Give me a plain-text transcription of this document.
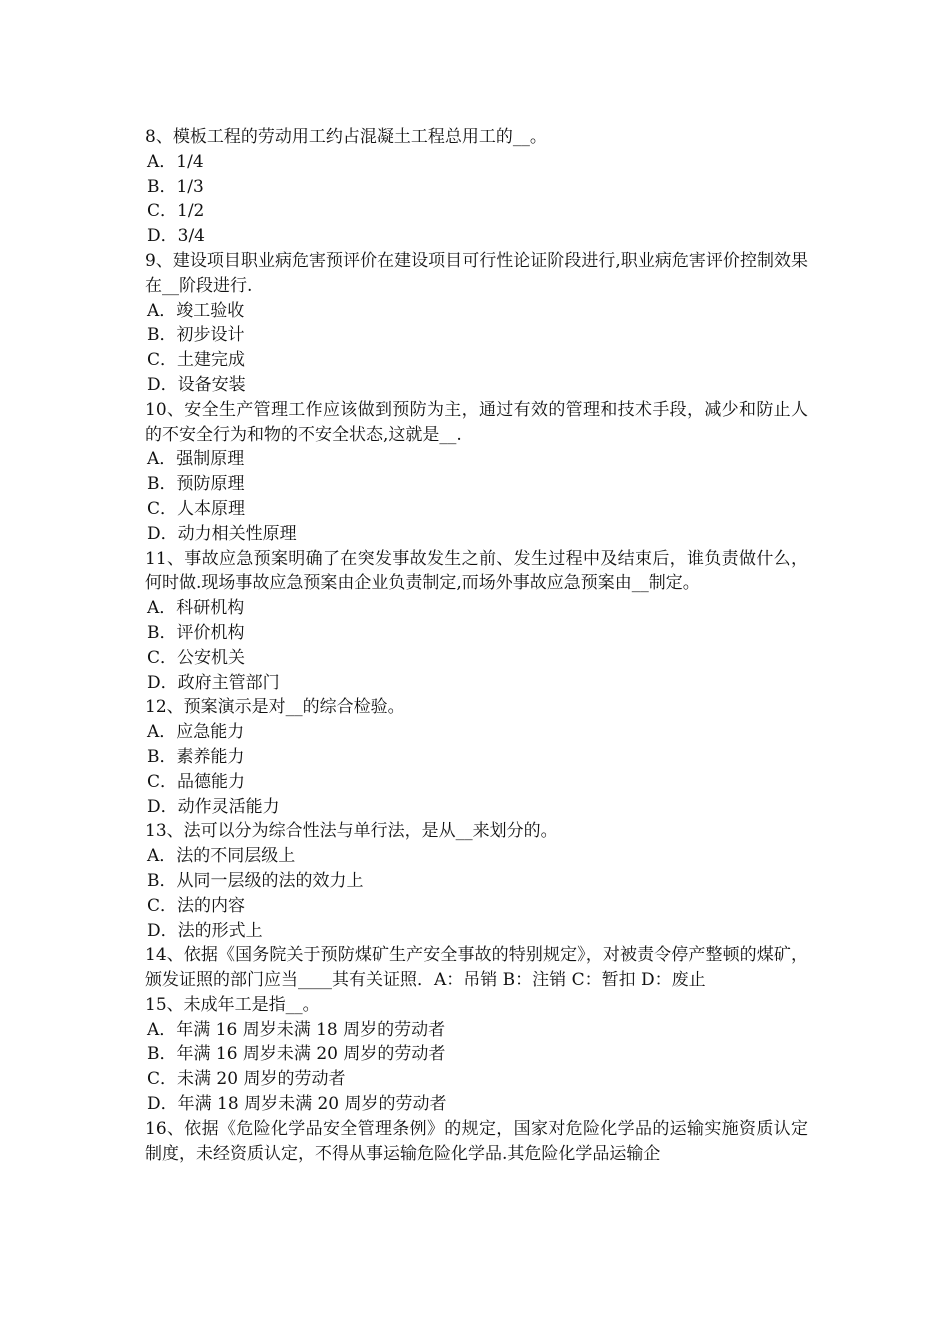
8、模板工程的劳动用工约占混凝土工程总用工的__。

A．1/4

B．1/3

C．1/2

D．3/4

9、建设项目职业病危害预评价在建设项目可行性论证阶段进行,职业病危害评价控制效果在__阶段进行.

A．竣工验收

B．初步设计

C．土建完成

D．设备安装

10、安全生产管理工作应该做到预防为主，通过有效的管理和技术手段，减少和防止人的不安全行为和物的不安全状态,这就是__.

A．强制原理

B．预防原理

C．人本原理

D．动力相关性原理

11、事故应急预案明确了在突发事故发生之前、发生过程中及结束后，谁负责做什么，何时做.现场事故应急预案由企业负责制定,而场外事故应急预案由__制定。

A．科研机构

B．评价机构

C．公安机关

D．政府主管部门

12、预案演示是对__的综合检验。

A．应急能力

B．素养能力

C．品德能力

D．动作灵活能力

13、法可以分为综合性法与单行法，是从__来划分的。

A．法的不同层级上

B．从同一层级的法的效力上

C．法的内容

D．法的形式上

14、依据《国务院关于预防煤矿生产安全事故的特别规定》，对被责令停产整顿的煤矿，颁发证照的部门应当____其有关证照．A：吊销 B：注销 C：暂扣 D：废止

15、未成年工是指__。

A．年满 16 周岁未满 18 周岁的劳动者

B．年满 16 周岁未满 20 周岁的劳动者

C．未满 20 周岁的劳动者

D．年满 18 周岁未满 20 周岁的劳动者

16、依据《危险化学品安全管理条例》的规定，国家对危险化学品的运输实施资质认定制度，未经资质认定，不得从事运输危险化学品.其危险化学品运输企
